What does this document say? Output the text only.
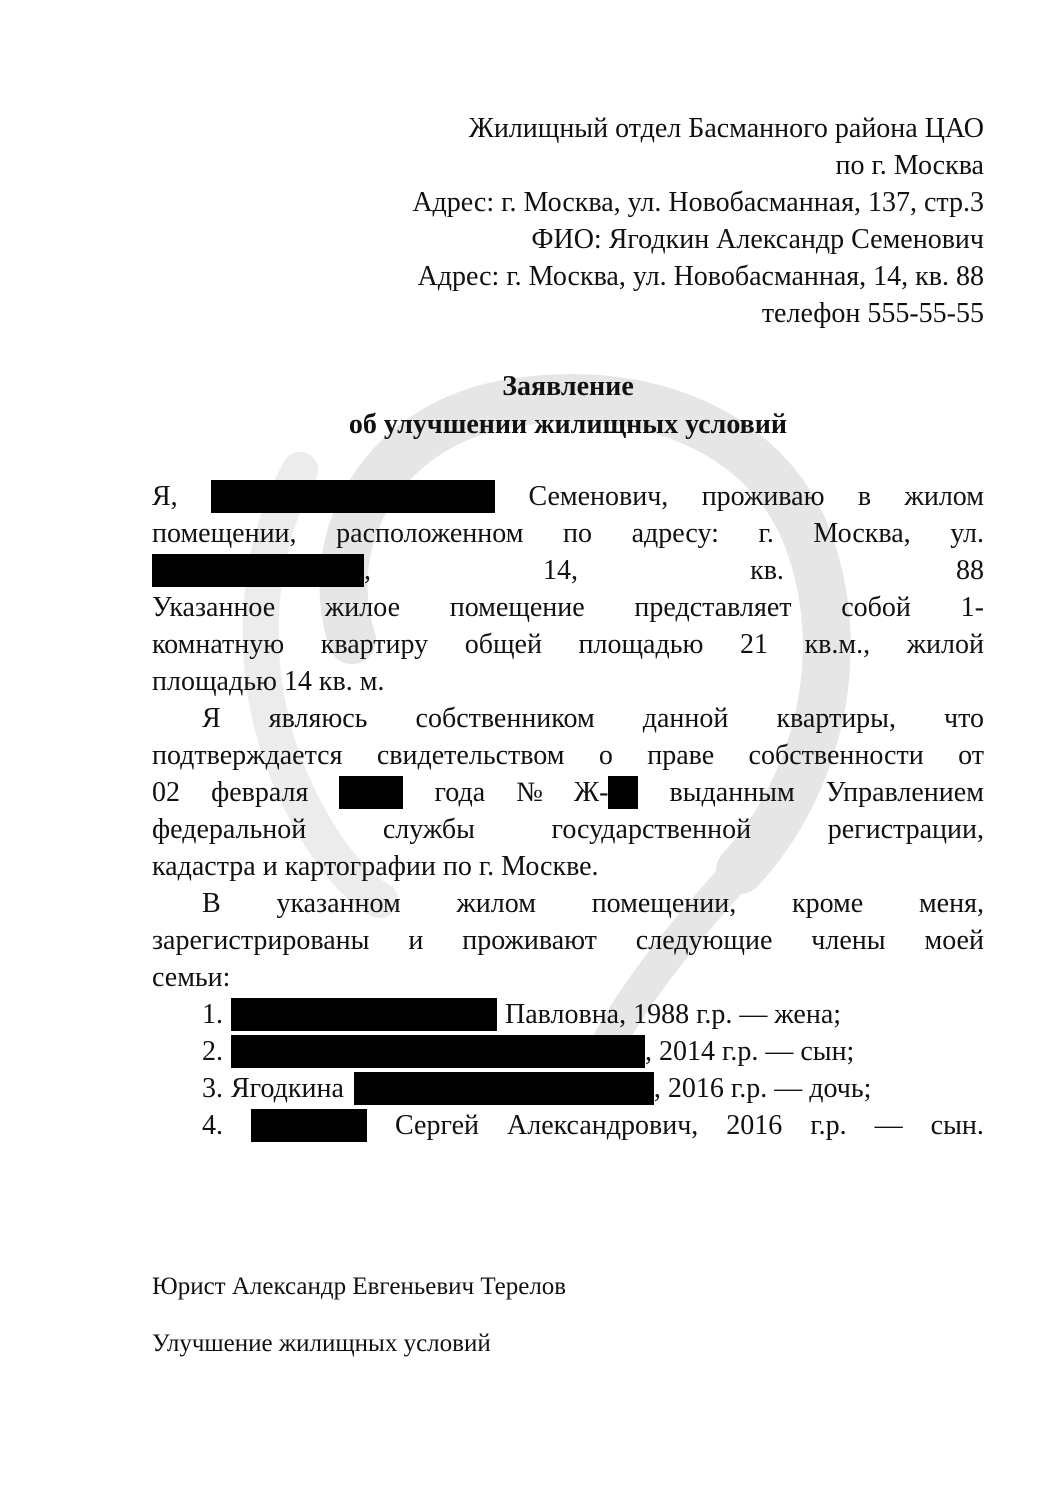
Жилищный отдел Басманного района ЦАО
по г. Москва
Адрес: г. Москва, ул. Новобасманная, 137, стр.3
ФИО: Ягодкин Александр Семенович
Адрес: г. Москва, ул. Новобасманная, 14, кв. 88
телефон 555-55-55
Заявление
об улучшении жилищных условий
Я,	Семенович, проживаю в жилом
помещении, расположенном по адресу: г. Москва, ул.
,	14,	кв.	88
Указанное жилое помещение представляет собой 1-
комнатную квартиру общей площадью 21 кв.м., жилой
площадью 14 кв. м.
Я являюсь собственником данной квартиры, что
подтверждается свидетельством о праве собственности от
02 февраля	года № Ж- выданным Управлением
федеральной	службы	государственной	регистрации,
кадастра и картографии по г. Москве.
В указанном жилом помещении, кроме меня,
зарегистрированы и проживают следующие члены моей
семьи:
1.	Павловна, 1988 г.р. — жена;
2.	, 2014 г.р. — сын;
3. Ягодкина	, 2016 г.р. — дочь;
4.	Сергей Александрович, 2016 г.р. — сын.
Юрист Александр Евгеньевич Терелов
Улучшение жилищных условий
